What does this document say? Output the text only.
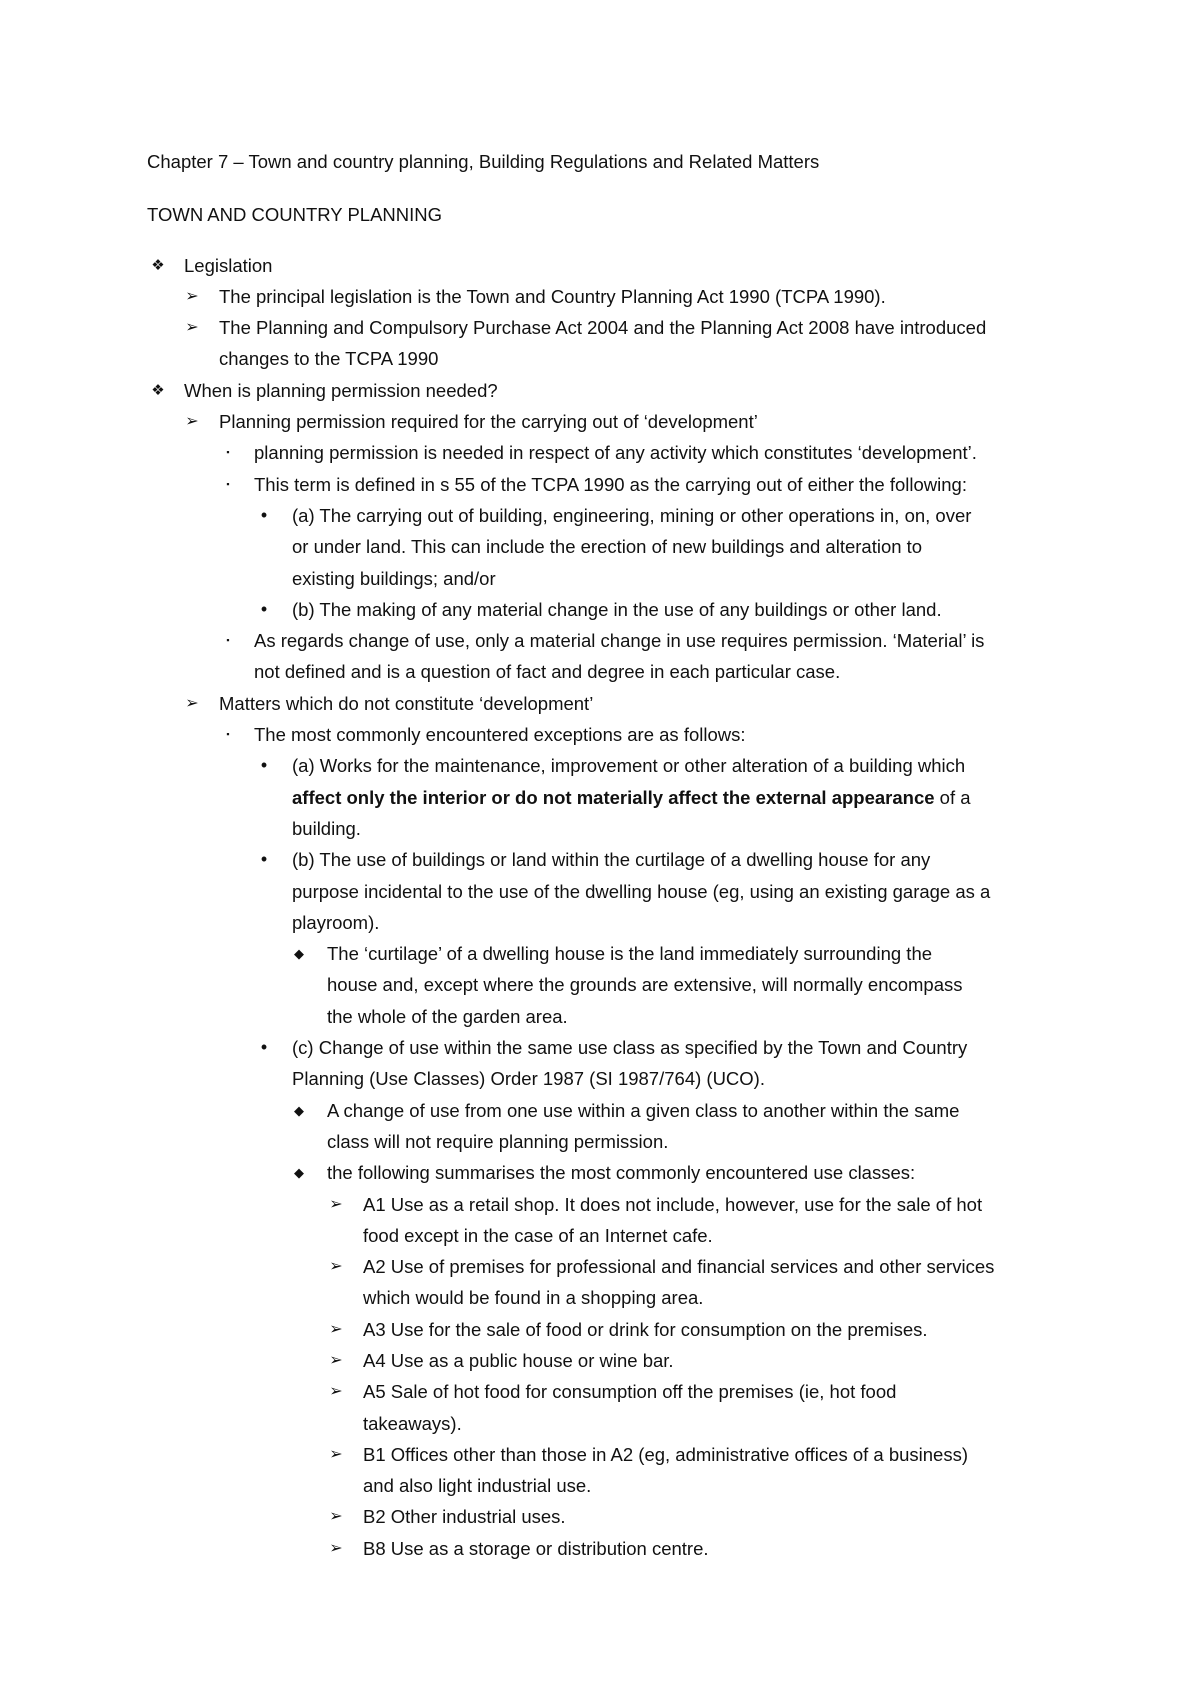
Chapter 7 – Town and country planning, Building Regulations and Related Matters
TOWN AND COUNTRY PLANNING
❖ Legislation
➢ The principal legislation is the Town and Country Planning Act 1990 (TCPA 1990).
➢ The Planning and Compulsory Purchase Act 2004 and the Planning Act 2008 have introduced
changes to the TCPA 1990
❖ When is planning permission needed?
➢ Planning permission required for the carrying out of ‘development’
▪	planning permission is needed in respect of any activity which constitutes ‘development’.
▪	This term is defined in s 55 of the TCPA 1990 as the carrying out of either the following:
•	(a) The carrying out of building, engineering, mining or other operations in, on, over
or under land. This can include the erection of new buildings and alteration to
existing buildings; and/or
•	(b) The making of any material change in the use of any buildings or other land.
▪	As regards change of use, only a material change in use requires permission. ‘Material’ is
not defined and is a question of fact and degree in each particular case.
➢ Matters which do not constitute ‘development’
▪	The most commonly encountered exceptions are as follows:
•	(a) Works for the maintenance, improvement or other alteration of a building which
affect only the interior or do not materially affect the external appearance of a
building.
•	(b) The use of buildings or land within the curtilage of a dwelling house for any
purpose incidental to the use of the dwelling house (eg, using an existing garage as a
playroom).
◆	The ‘curtilage’ of a dwelling house is the land immediately surrounding the
house and, except where the grounds are extensive, will normally encompass
the whole of the garden area.
•	(c) Change of use within the same use class as specified by the Town and Country
Planning (Use Classes) Order 1987 (SI 1987/764) (UCO).
◆	A change of use from one use within a given class to another within the same
class will not require planning permission.
◆	the following summarises the most commonly encountered use classes:
➢ A1 Use as a retail shop. It does not include, however, use for the sale of hot
food except in the case of an Internet cafe.
➢ A2 Use of premises for professional and financial services and other services
which would be found in a shopping area.
➢ A3 Use for the sale of food or drink for consumption on the premises.
➢ A4 Use as a public house or wine bar.
➢ A5 Sale of hot food for consumption off the premises (ie, hot food
takeaways).
➢ B1 Offices other than those in A2 (eg, administrative offices of a business)
and also light industrial use.
➢ B2 Other industrial uses.
➢ B8 Use as a storage or distribution centre.
